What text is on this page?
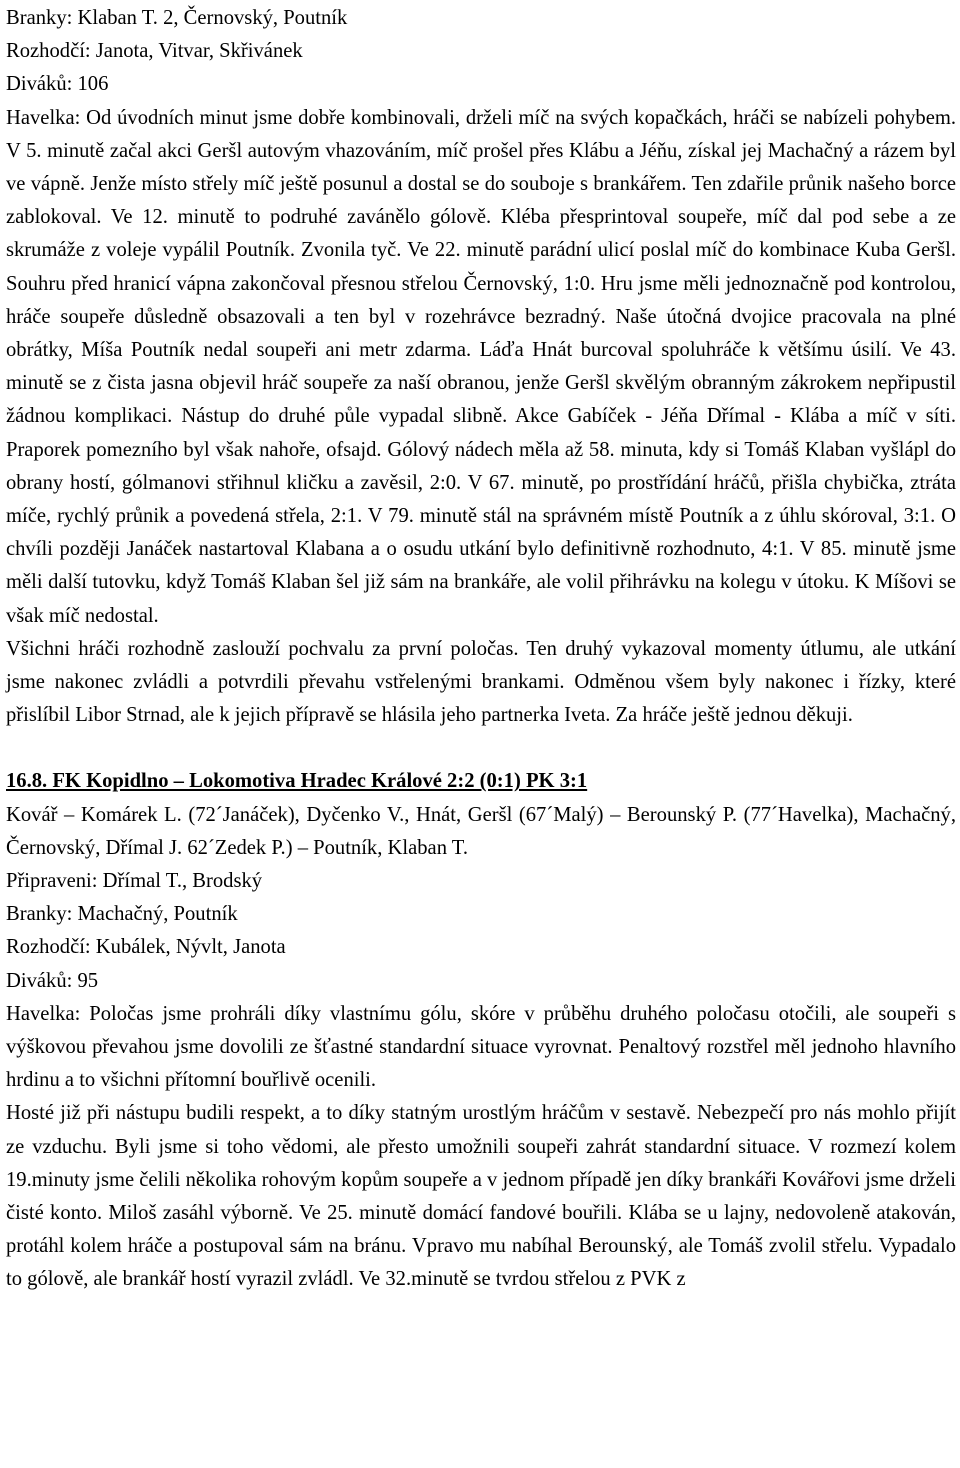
Branky: Klaban T. 2, Černovský, Poutník
Rozhodčí: Janota, Vitvar, Skřivánek
Diváků: 106

Havelka: Od úvodních minut jsme dobře kombinovali, drželi míč na svých kopačkách, hráči se nabízeli pohybem. V 5. minutě začal akci Geršl autovým vhazováním, míč prošel přes Klábu a Jéňu, získal jej Machačný a rázem byl ve vápně. Jenže místo střely míč ještě posunul a dostal se do souboje s brankářem. Ten zdařile průnik našeho borce zablokoval. Ve 12. minutě to podruhé zavánělo gólově. Kléba přesprintoval soupeře, míč dal pod sebe a ze skrumáže z voleje vypálil Poutník. Zvonila tyč. Ve 22. minutě parádní ulicí poslal míč do kombinace Kuba Geršl. Souhru před hranicí vápna zakončoval přesnou střelou Černovský, 1:0. Hru jsme měli jednoznačně pod kontrolou, hráče soupeře důsledně obsazovali a ten byl v rozehrávce bezradný. Naše útočná dvojice pracovala na plné obrátky, Míša Poutník nedal soupeři ani metr zdarma. Láďa Hnát burcoval spoluhráče k většímu úsilí. Ve 43. minutě se z čista jasna objevil hráč soupeře za naší obranou, jenže Geršl skvělým obranným zákrokem nepřipustil žádnou komplikaci. Nástup do druhé půle vypadal slibně. Akce Gabíček - Jéňa Dřímal - Klába a míč v síti. Praporek pomezního byl však nahoře, ofsajd. Gólový nádech měla až 58. minuta, kdy si Tomáš Klaban vyšlápl do obrany hostí, gólmanovi střihnul kličku a zavěsil, 2:0. V 67. minutě, po prostřídání hráčů, přišla chybička, ztráta míče, rychlý průnik a povedená střela, 2:1. V 79. minutě stál na správném místě Poutník a z úhlu skóroval, 3:1. O chvíli později Janáček nastartoval Klabana a o osudu utkání bylo definitivně rozhodnuto, 4:1. V 85. minutě jsme měli další tutovku, když Tomáš Klaban šel již sám na brankáře, ale volil přihrávku na kolegu v útoku. K Míšovi se však míč nedostal.

Všichni hráči rozhodně zaslouží pochvalu za první poločas. Ten druhý vykazoval momenty útlumu, ale utkání jsme nakonec zvládli a potvrdili převahu vstřelenými brankami. Odměnou všem byly nakonec i řízky, které přislíbil Libor Strnad, ale k jejich přípravě se hlásila jeho partnerka Iveta. Za hráče ještě jednou děkuji.

16.8. FK Kopidlno – Lokomotiva Hradec Králové 2:2 (0:1) PK 3:1

Kovář – Komárek L. (72´Janáček), Dyčenko V., Hnát, Geršl (67´Malý) – Berounský P. (77´Havelka), Machačný, Černovský, Dřímal J. 62´Zedek P.) – Poutník, Klaban T.

Připraveni: Dřímal T., Brodský
Branky: Machačný, Poutník
Rozhodčí: Kubálek, Nývlt, Janota
Diváků: 95

Havelka: Poločas jsme prohráli díky vlastnímu gólu, skóre v průběhu druhého poločasu otočili, ale soupeři s výškovou převahou jsme dovolili ze šťastné standardní situace vyrovnat. Penaltový rozstřel měl jednoho hlavního hrdinu a to všichni přítomní bouřlivě ocenili.

Hosté již při nástupu budili respekt, a to díky statným urostlým hráčům v sestavě. Nebezpečí pro nás mohlo přijít ze vzduchu. Byli jsme si toho vědomi, ale přesto umožnili soupeři zahrát standardní situace. V rozmezí kolem 19.minuty jsme čelili několika rohovým kopům soupeře a v jednom případě jen díky brankáři Kovářovi jsme drželi čisté konto. Miloš zasáhl výborně. Ve 25. minutě domácí fandové bouřili. Klába se u lajny, nedovoleně atakován, protáhl kolem hráče a postupoval sám na bránu. Vpravo mu nabíhal Berounský, ale Tomáš zvolil střelu. Vypadalo to gólově, ale brankář hostí vyrazil zvládl. Ve 32.minutě se tvrdou střelou z PVK z
